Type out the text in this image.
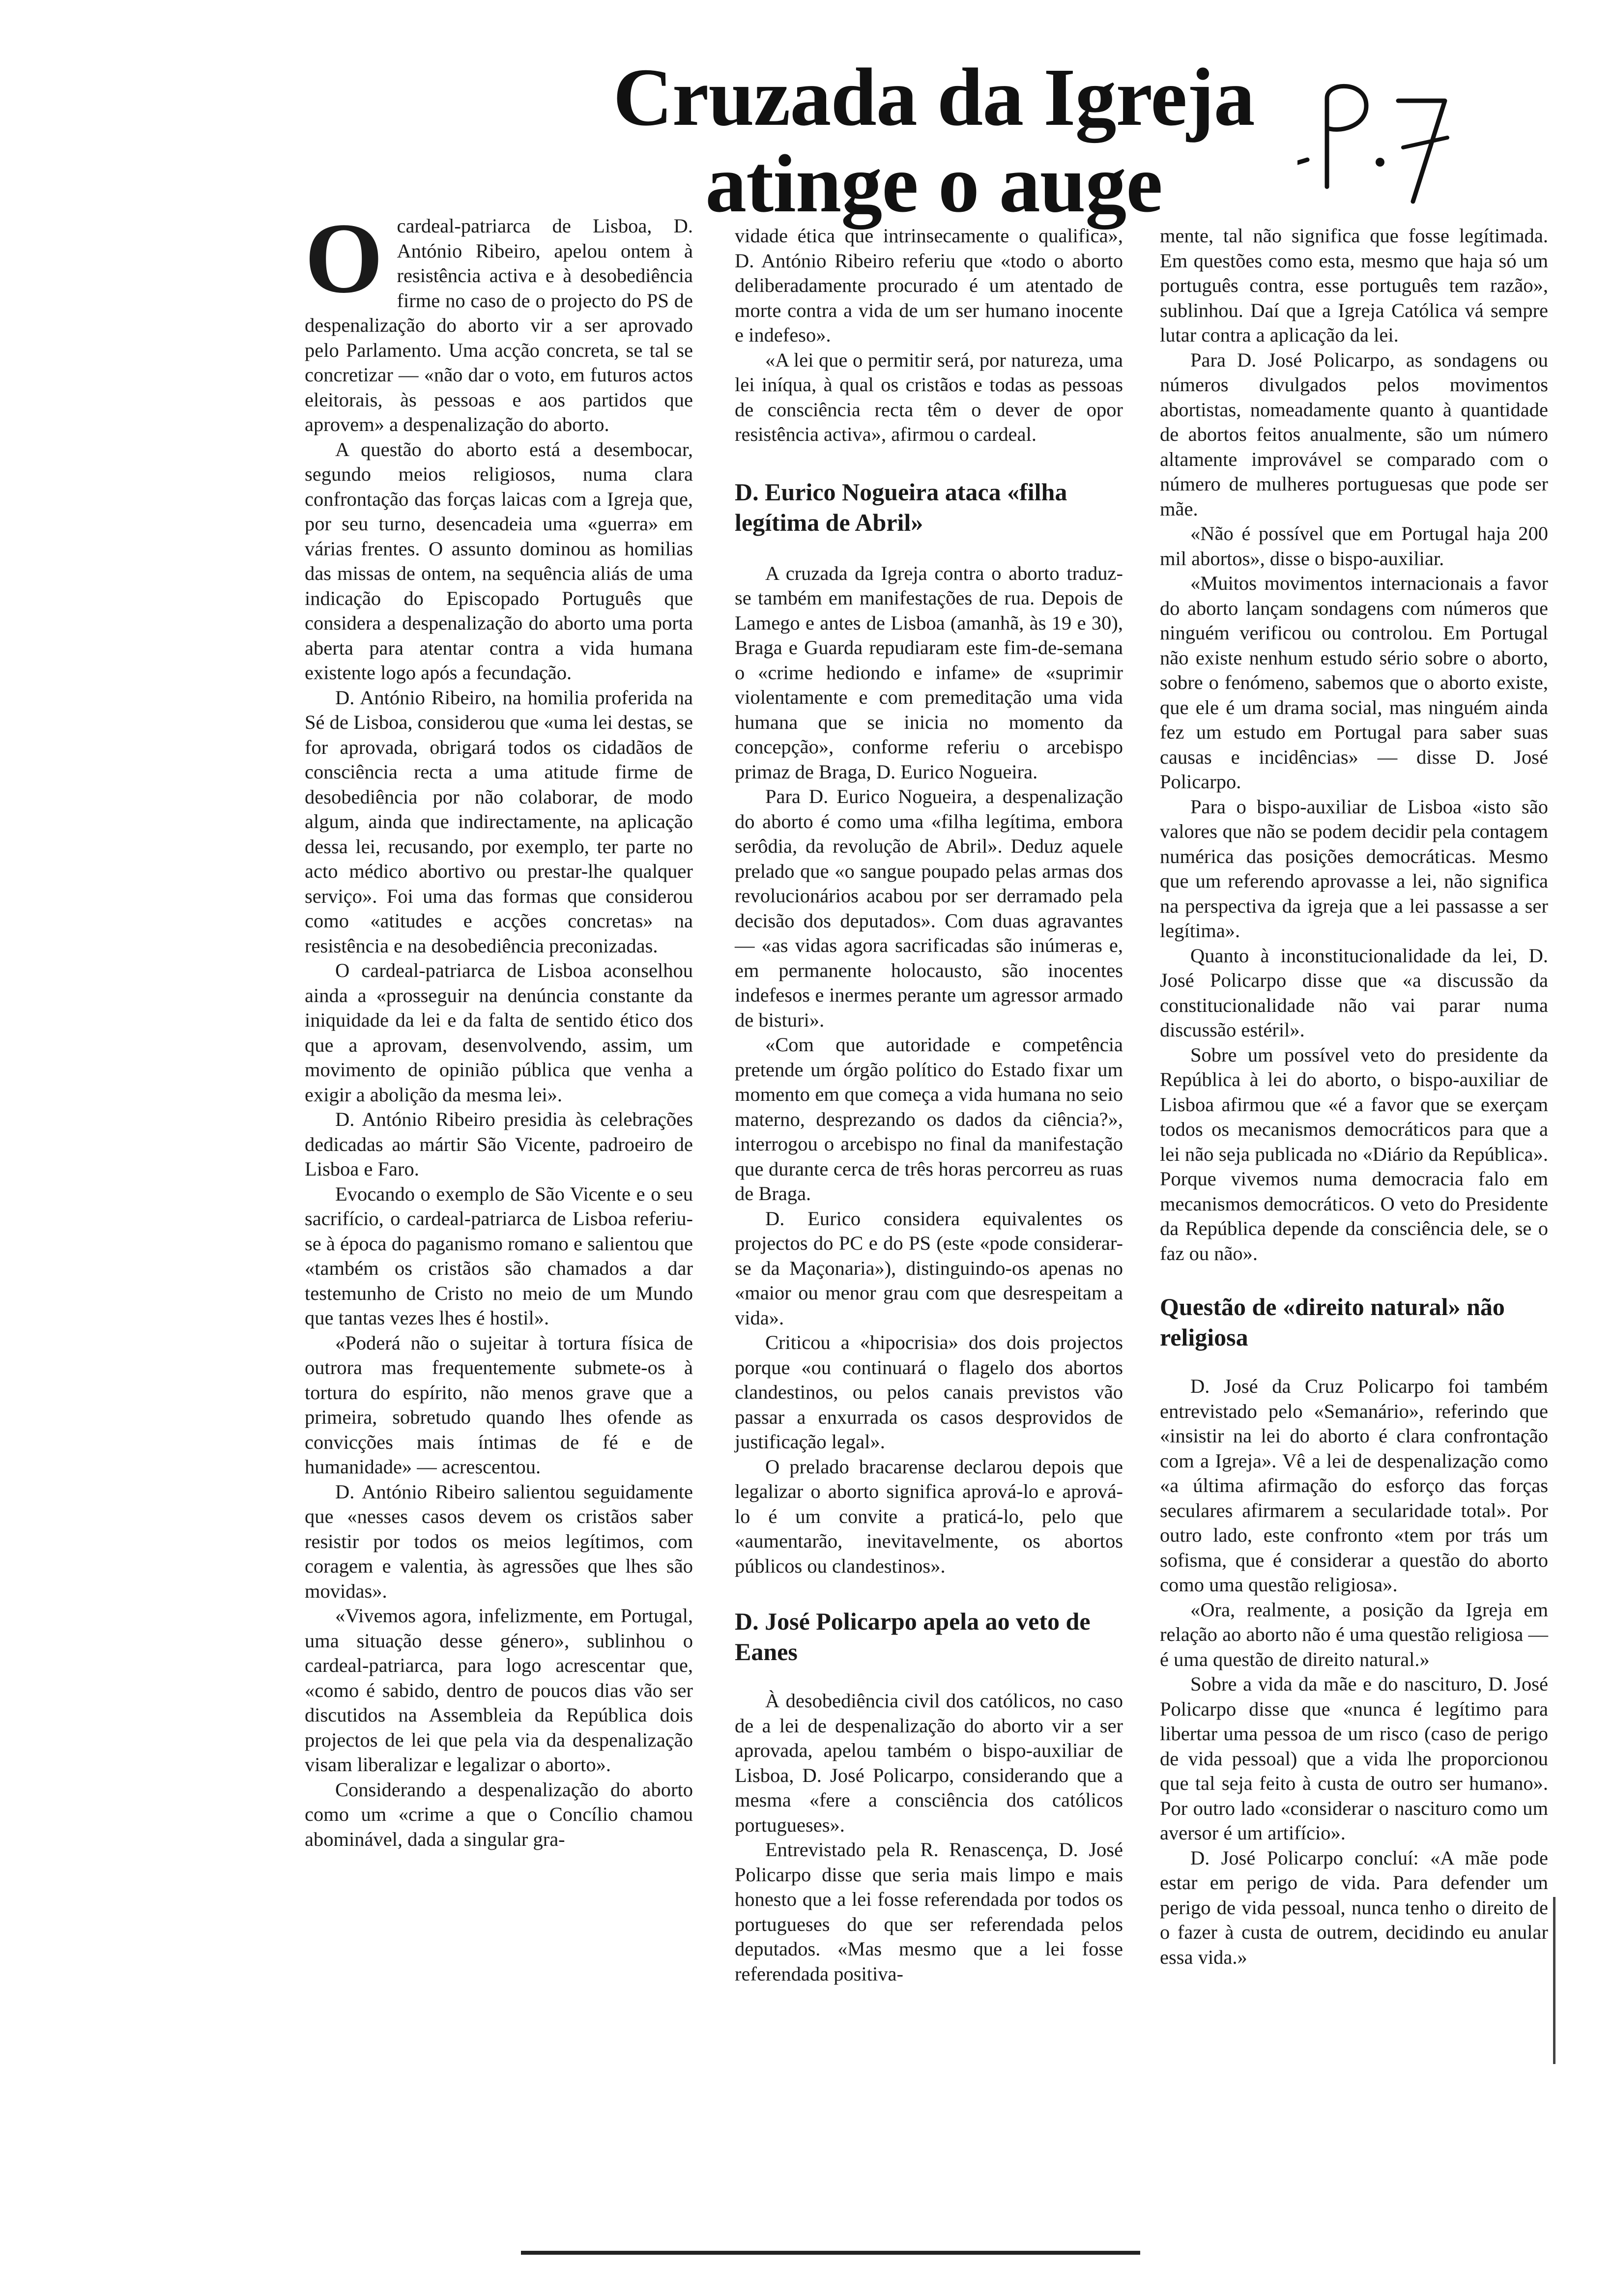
Cruzada da Igreja
atinge o auge

O cardeal-patriarca de Lisboa, D. António Ribeiro, apelou ontem à resistência activa e à desobediência firme no caso de o projecto do PS de despenalização do aborto vir a ser aprovado pelo Parlamento. Uma acção concreta, se tal se concretizar — «não dar o voto, em futuros actos eleitorais, às pessoas e aos partidos que aprovem» a despenalização do aborto.

A questão do aborto está a desembocar, segundo meios religiosos, numa clara confrontação das forças laicas com a Igreja que, por seu turno, desencadeia uma «guerra» em várias frentes. O assunto dominou as homilias das missas de ontem, na sequência aliás de uma indicação do Episcopado Português que considera a despenalização do aborto uma porta aberta para atentar contra a vida humana existente logo após a fecundação.

D. António Ribeiro, na homilia proferida na Sé de Lisboa, considerou que «uma lei destas, se for aprovada, obrigará todos os cidadãos de consciência recta a uma atitude firme de desobediência por não colaborar, de modo algum, ainda que indirectamente, na aplicação dessa lei, recusando, por exemplo, ter parte no acto médico abortivo ou prestar-lhe qualquer serviço». Foi uma das formas que considerou como «atitudes e acções concretas» na resistência e na desobediência preconizadas.

O cardeal-patriarca de Lisboa aconselhou ainda a «prosseguir na denúncia constante da iniquidade da lei e da falta de sentido ético dos que a aprovam, desenvolvendo, assim, um movimento de opinião pública que venha a exigir a abolição da mesma lei».

D. António Ribeiro presidia às celebrações dedicadas ao mártir São Vicente, padroeiro de Lisboa e Faro.

Evocando o exemplo de São Vicente e o seu sacrifício, o cardeal-patriarca de Lisboa referiu-se à época do paganismo romano e salientou que «também os cristãos são chamados a dar testemunho de Cristo no meio de um Mundo que tantas vezes lhes é hostil».

«Poderá não o sujeitar à tortura física de outrora mas frequentemente submete-os à tortura do espírito, não menos grave que a primeira, sobretudo quando lhes ofende as convicções mais íntimas de fé e de humanidade» — acrescentou.

D. António Ribeiro salientou seguidamente que «nesses casos devem os cristãos saber resistir por todos os meios legítimos, com coragem e valentia, às agressões que lhes são movidas».

«Vivemos agora, infelizmente, em Portugal, uma situação desse género», sublinhou o cardeal-patriarca, para logo acrescentar que, «como é sabido, dentro de poucos dias vão ser discutidos na Assembleia da República dois projectos de lei que pela via da despenalização visam liberalizar e legalizar o aborto».

Considerando a despenalização do aborto como um «crime a que o Concílio chamou abominável, dada a singular gra-

vidade ética que intrinsecamente o qualifica», D. António Ribeiro referiu que «todo o aborto deliberadamente procurado é um atentado de morte contra a vida de um ser humano inocente e indefeso».

«A lei que o permitir será, por natureza, uma lei iníqua, à qual os cristãos e todas as pessoas de consciência recta têm o dever de opor resistência activa», afirmou o cardeal.

D. Eurico Nogueira ataca «filha legítima de Abril»

A cruzada da Igreja contra o aborto traduz-se também em manifestações de rua. Depois de Lamego e antes de Lisboa (amanhã, às 19 e 30), Braga e Guarda repudiaram este fim-de-semana o «crime hediondo e infame» de «suprimir violentamente e com premeditação uma vida humana que se inicia no momento da concepção», conforme referiu o arcebispo primaz de Braga, D. Eurico Nogueira.

Para D. Eurico Nogueira, a despenalização do aborto é como uma «filha legítima, embora serôdia, da revolução de Abril». Deduz aquele prelado que «o sangue poupado pelas armas dos revolucionários acabou por ser derramado pela decisão dos deputados». Com duas agravantes — «as vidas agora sacrificadas são inúmeras e, em permanente holocausto, são inocentes indefesos e inermes perante um agressor armado de bisturi».

«Com que autoridade e competência pretende um órgão político do Estado fixar um momento em que começa a vida humana no seio materno, desprezando os dados da ciência?», interrogou o arcebispo no final da manifestação que durante cerca de três horas percorreu as ruas de Braga.

D. Eurico considera equivalentes os projectos do PC e do PS (este «pode considerar-se da Maçonaria»), distinguindo-os apenas no «maior ou menor grau com que desrespeitam a vida».

Criticou a «hipocrisia» dos dois projectos porque «ou continuará o flagelo dos abortos clandestinos, ou pelos canais previstos vão passar a enxurrada os casos desprovidos de justificação legal».

O prelado bracarense declarou depois que legalizar o aborto significa aprová-lo e aprová-lo é um convite a praticá-lo, pelo que «aumentarão, inevitavelmente, os abortos públicos ou clandestinos».

D. José Policarpo apela ao veto de Eanes

À desobediência civil dos católicos, no caso de a lei de despenalização do aborto vir a ser aprovada, apelou também o bispo-auxiliar de Lisboa, D. José Policarpo, considerando que a mesma «fere a consciência dos católicos portugueses».

Entrevistado pela R. Renascença, D. José Policarpo disse que seria mais limpo e mais honesto que a lei fosse referendada por todos os portugueses do que ser referendada pelos deputados. «Mas mesmo que a lei fosse referendada positiva-

mente, tal não significa que fosse legítimada. Em questões como esta, mesmo que haja só um português contra, esse português tem razão», sublinhou. Daí que a Igreja Católica vá sempre lutar contra a aplicação da lei.

Para D. José Policarpo, as sondagens ou números divulgados pelos movimentos abortistas, nomeadamente quanto à quantidade de abortos feitos anualmente, são um número altamente improvável se comparado com o número de mulheres portuguesas que pode ser mãe.

«Não é possível que em Portugal haja 200 mil abortos», disse o bispo-auxiliar.

«Muitos movimentos internacionais a favor do aborto lançam sondagens com números que ninguém verificou ou controlou. Em Portugal não existe nenhum estudo sério sobre o aborto, sobre o fenómeno, sabemos que o aborto existe, que ele é um drama social, mas ninguém ainda fez um estudo em Portugal para saber suas causas e incidências» — disse D. José Policarpo.

Para o bispo-auxiliar de Lisboa «isto são valores que não se podem decidir pela contagem numérica das posições democráticas. Mesmo que um referendo aprovasse a lei, não significa na perspectiva da igreja que a lei passasse a ser legítima».

Quanto à inconstitucionalidade da lei, D. José Policarpo disse que «a discussão da constitucionalidade não vai parar numa discussão estéril».

Sobre um possível veto do presidente da República à lei do aborto, o bispo-auxiliar de Lisboa afirmou que «é a favor que se exerçam todos os mecanismos democráticos para que a lei não seja publicada no «Diário da República». Porque vivemos numa democracia falo em mecanismos democráticos. O veto do Presidente da República depende da consciência dele, se o faz ou não».

Questão de «direito natural» não religiosa

D. José da Cruz Policarpo foi também entrevistado pelo «Semanário», referindo que «insistir na lei do aborto é clara confrontação com a Igreja». Vê a lei de despenalização como «a última afirmação do esforço das forças seculares afirmarem a secularidade total». Por outro lado, este confronto «tem por trás um sofisma, que é considerar a questão do aborto como uma questão religiosa».

«Ora, realmente, a posição da Igreja em relação ao aborto não é uma questão religiosa — é uma questão de direito natural.»

Sobre a vida da mãe e do nascituro, D. José Policarpo disse que «nunca é legítimo para libertar uma pessoa de um risco (caso de perigo de vida pessoal) que a vida lhe proporcionou que tal seja feito à custa de outro ser humano». Por outro lado «considerar o nascituro como um aversor é um artifício».

D. José Policarpo concluí: «A mãe pode estar em perigo de vida. Para defender um perigo de vida pessoal, nunca tenho o direito de o fazer à custa de outrem, decidindo eu anular essa vida.»
